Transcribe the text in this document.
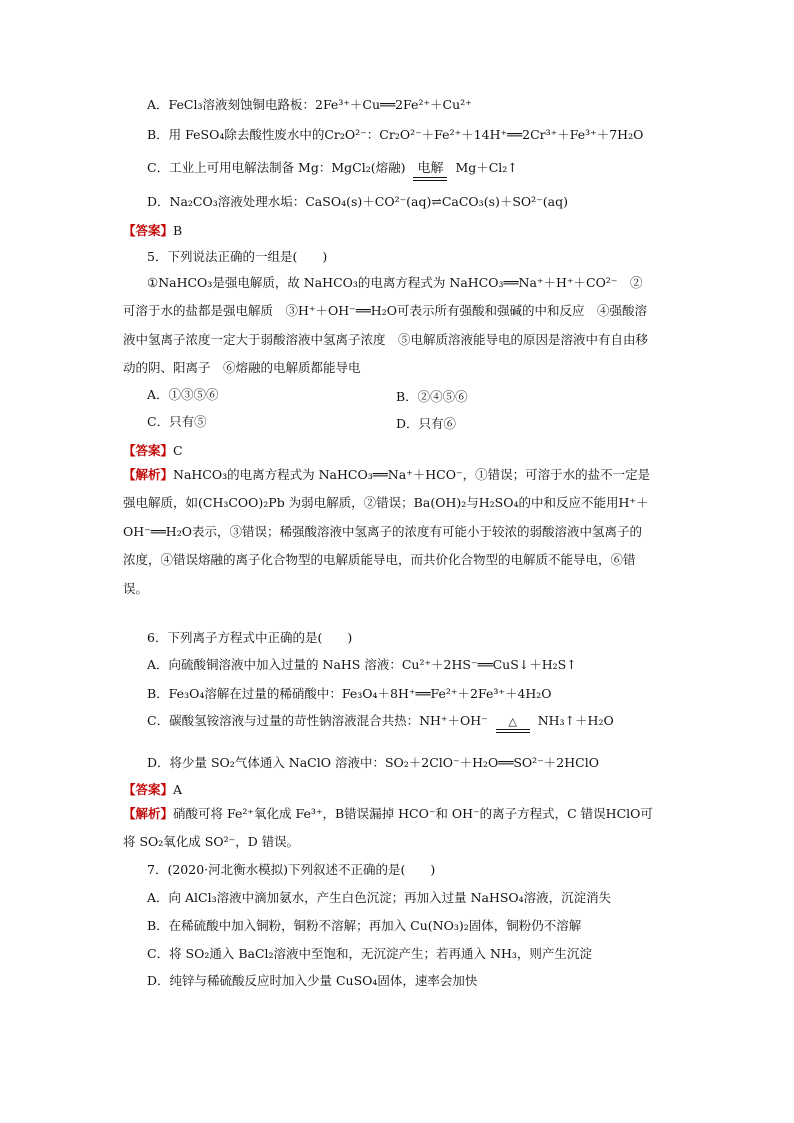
A．FeCl₃溶液刻蚀铜电路板：2Fe³⁺＋Cu══2Fe²⁺＋Cu²⁺
B．用 FeSO₄除去酸性废水中的Cr₂O²⁻：Cr₂O²⁻＋Fe²⁺＋14H⁺══2Cr³⁺＋Fe³⁺＋7H₂O
C．工业上可用电解法制备 Mg：MgCl₂(熔融) 电解 Mg＋Cl₂↑
D．Na₂CO₃溶液处理水垢：CaSO₄(s)＋CO²⁻(aq)⇌CaCO₃(s)＋SO²⁻(aq)
【答案】B
5．下列说法正确的一组是(　　)
①NaHCO₃是强电解质，故 NaHCO₃的电离方程式为 NaHCO₃══Na⁺＋H⁺＋CO²⁻　②可溶于水的盐都是强电解质　③H⁺＋OH⁻══H₂O可表示所有强酸和强碱的中和反应　④强酸溶液中氢离子浓度一定大于弱酸溶液中氢离子浓度　⑤电解质溶液能导电的原因是溶液中有自由移动的阴、阳离子　⑥熔融的电解质都能导电
A．①③⑤⑥	B．②④⑤⑥
C．只有⑤	D．只有⑥
【答案】C
【解析】NaHCO₃的电离方程式为 NaHCO₃══Na⁺＋HCO⁻，①错误；可溶于水的盐不一定是强电解质，如(CH₃COO)₂Pb 为弱电解质，②错误；Ba(OH)₂与H₂SO₄的中和反应不能用H⁺＋OH⁻══H₂O表示，③错误；稀强酸溶液中氢离子的浓度有可能小于较浓的弱酸溶液中氢离子的浓度，④错误熔融的离子化合物型的电解质能导电，而共价化合物型的电解质不能导电，⑥错误。
6．下列离子方程式中正确的是(　　)
A．向硫酸铜溶液中加入过量的 NaHS 溶液：Cu²⁺＋2HS⁻══CuS↓＋H₂S↑
B．Fe₃O₄溶解在过量的稀硝酸中：Fe₃O₄＋8H⁺══Fe²⁺＋2Fe³⁺＋4H₂O
C．碳酸氢铵溶液与过量的苛性钠溶液混合共热：NH⁺＋OH⁻	△	NH₃↑＋H₂O
D．将少量 SO₂气体通入 NaClO 溶液中：SO₂＋2ClO⁻＋H₂O══SO²⁻＋2HClO
【答案】A
【解析】硝酸可将 Fe²⁺氧化成 Fe³⁺，B错误漏掉 HCO⁻和 OH⁻的离子方程式，C 错误HClO可将 SO₂氧化成 SO²⁻，D 错误。
7．(2020·河北衡水模拟)下列叙述不正确的是(　　)
A．向 AlCl₃溶液中滴加氨水，产生白色沉淀；再加入过量 NaHSO₄溶液，沉淀消失
B．在稀硫酸中加入铜粉，铜粉不溶解；再加入 Cu(NO₃)₂固体，铜粉仍不溶解
C．将 SO₂通入 BaCl₂溶液中至饱和，无沉淀产生；若再通入 NH₃，则产生沉淀
D．纯锌与稀硫酸反应时加入少量 CuSO₄固体，速率会加快
